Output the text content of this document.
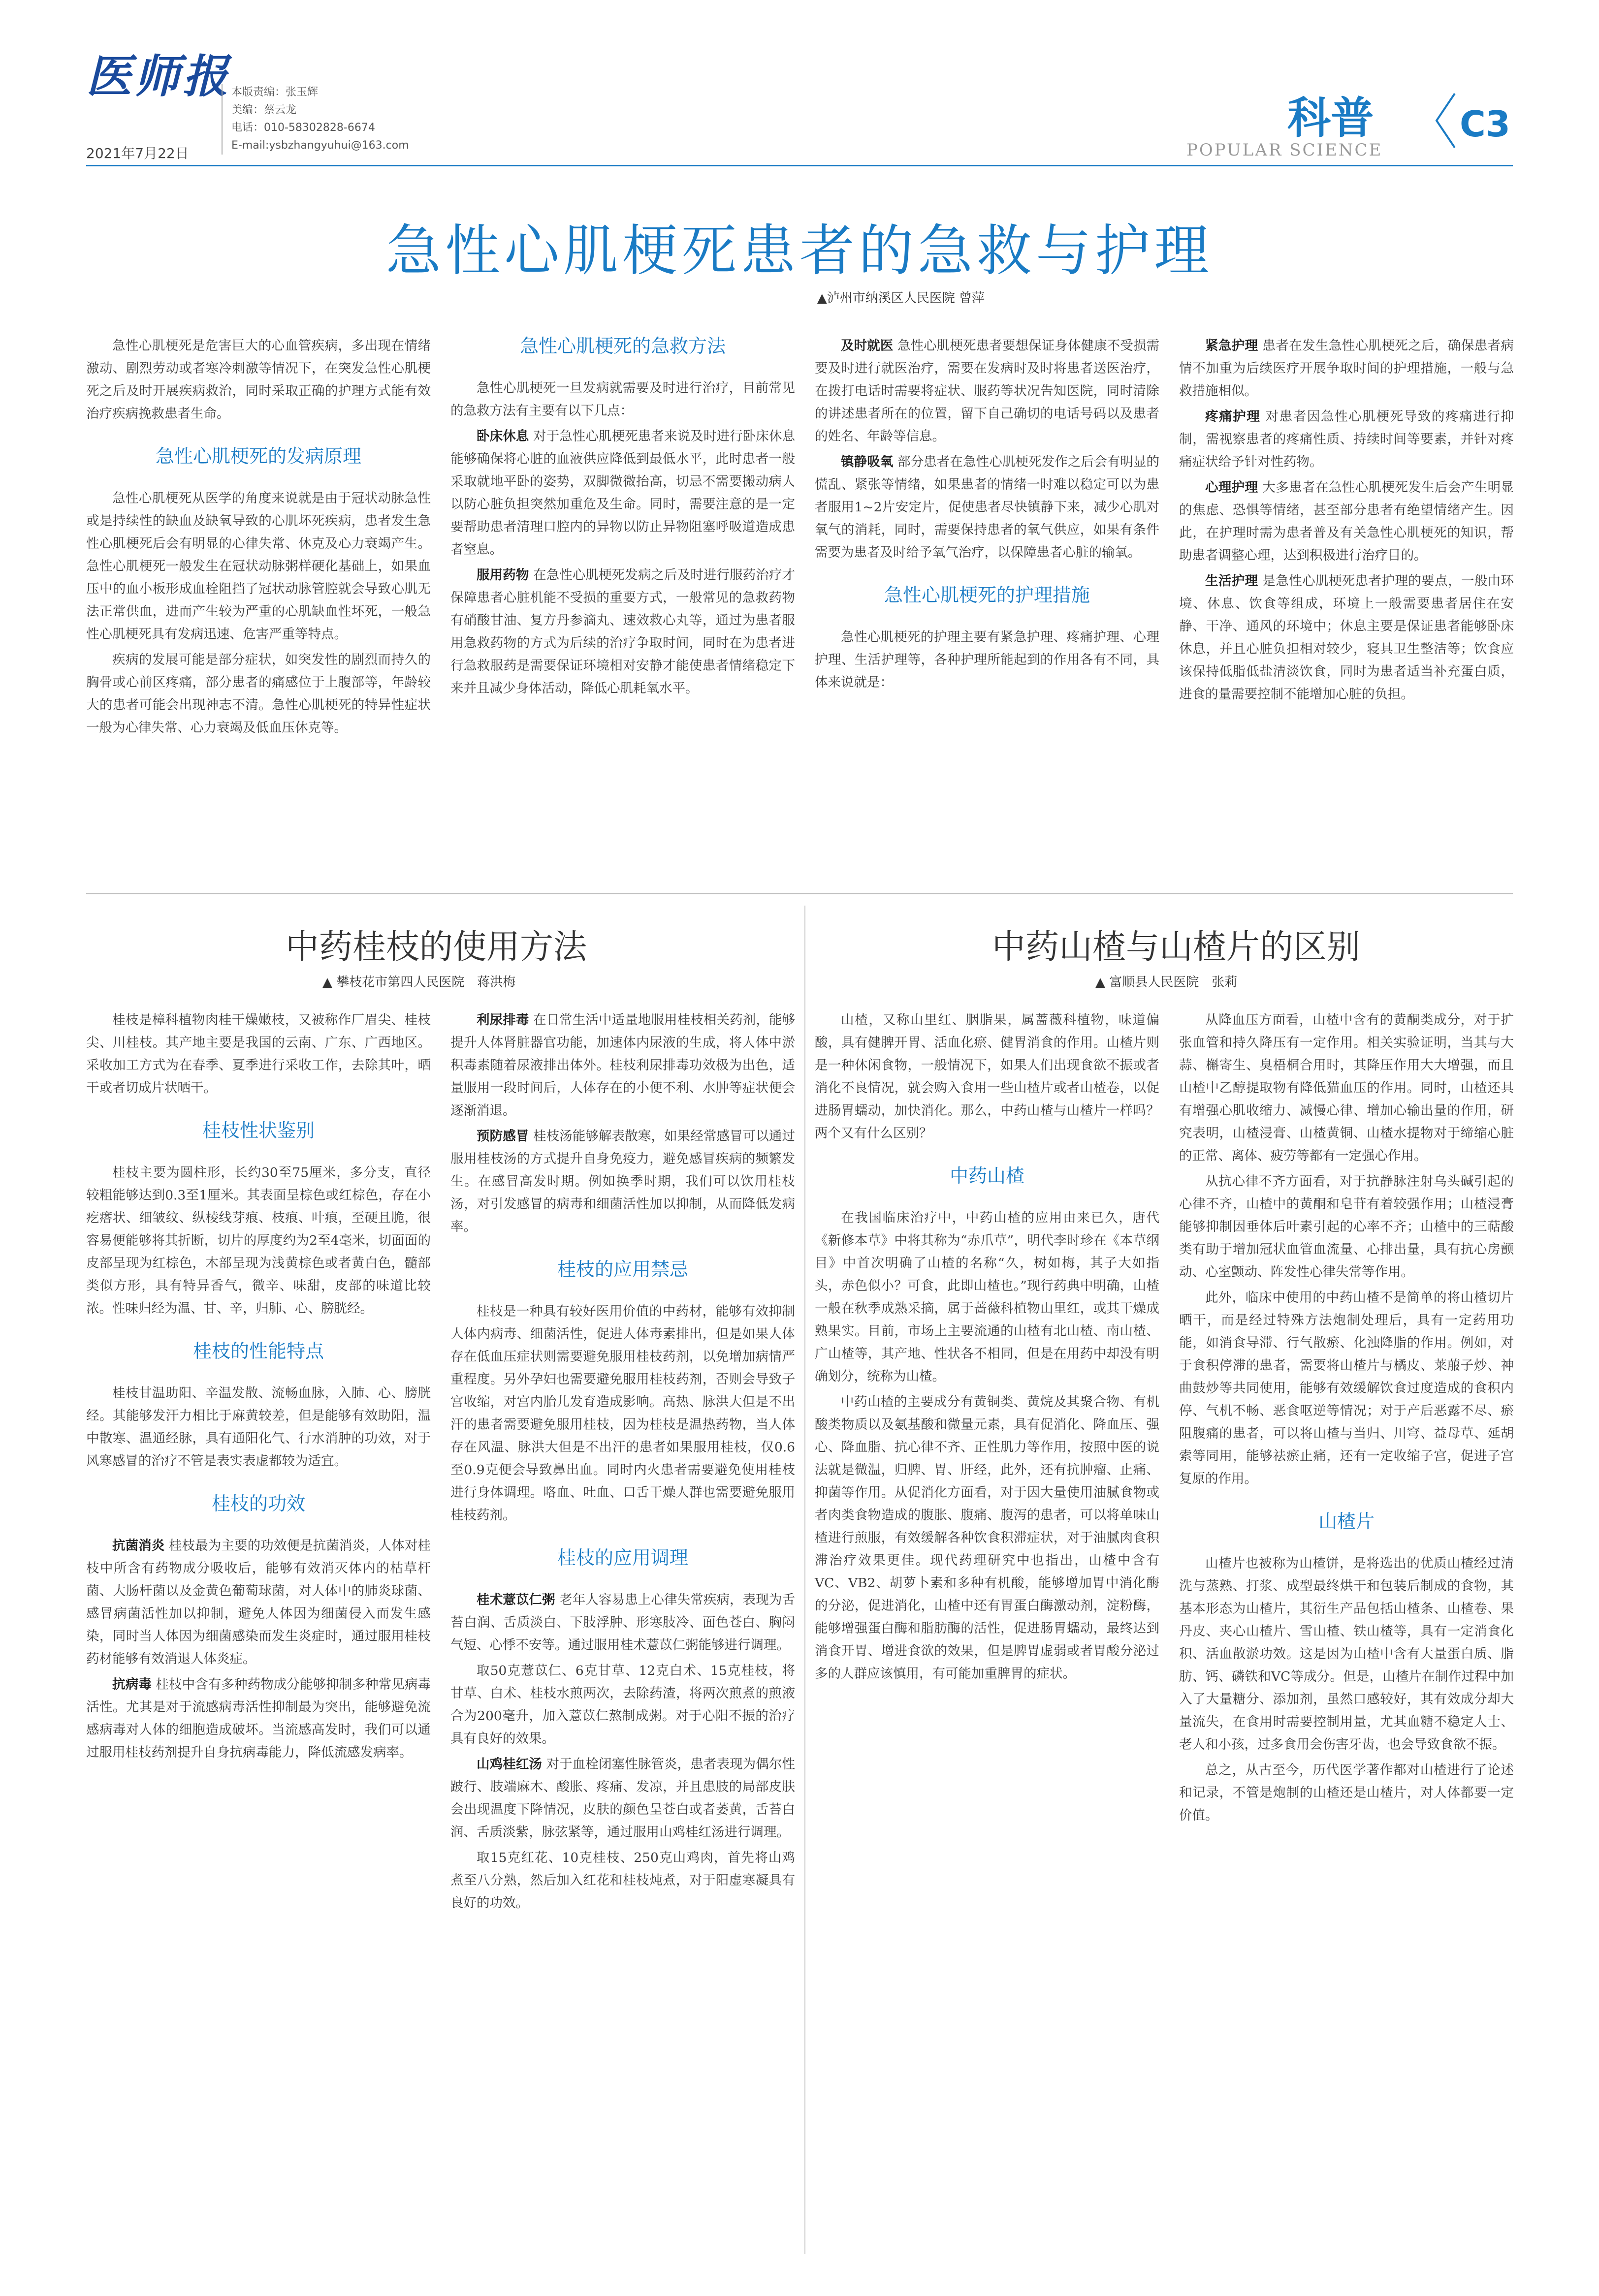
医师报
2021年7月22日
本版责编：张玉辉
美编：蔡云龙
电话：010-58302828-6674
E-mail:ysbzhangyuhui@163.com
科普
POPULAR SCIENCE
C3
急性心肌梗死患者的急救与护理
▲泸州市纳溪区人民医院 曾萍

急性心肌梗死是危害巨大的心血管疾病，多出现在情绪激动、剧烈劳动或者寒冷刺激等情况下，在突发急性心肌梗死之后及时开展疾病救治，同时采取正确的护理方式能有效治疗疾病挽救患者生命。

急性心肌梗死的发病原理

急性心肌梗死从医学的角度来说就是由于冠状动脉急性或是持续性的缺血及缺氧导致的心肌坏死疾病，患者发生急性心肌梗死后会有明显的心律失常、休克及心力衰竭产生。急性心肌梗死一般发生在冠状动脉粥样硬化基础上，如果血压中的血小板形成血栓阻挡了冠状动脉管腔就会导致心肌无法正常供血，进而产生较为严重的心肌缺血性坏死，一般急性心肌梗死具有发病迅速、危害严重等特点。

疾病的发展可能是部分症状，如突发性的剧烈而持久的胸骨或心前区疼痛，部分患者的痛感位于上腹部等，年龄较大的患者可能会出现神志不清。急性心肌梗死的特异性症状一般为心律失常、心力衰竭及低血压休克等。

急性心肌梗死的急救方法

急性心肌梗死一旦发病就需要及时进行治疗，目前常见的急救方法有主要有以下几点：

卧床休息 对于急性心肌梗死患者来说及时进行卧床休息能够确保将心脏的血液供应降低到最低水平，此时患者一般采取就地平卧的姿势，双脚微微抬高，切忌不需要搬动病人以防心脏负担突然加重危及生命。同时，需要注意的是一定要帮助患者清理口腔内的异物以防止异物阻塞呼吸道造成患者窒息。

服用药物 在急性心肌梗死发病之后及时进行服药治疗才保障患者心脏机能不受损的重要方式，一般常见的急救药物有硝酸甘油、复方丹参滴丸、速效救心丸等，通过为患者服用急救药物的方式为后续的治疗争取时间，同时在为患者进行急救服药是需要保证环境相对安静才能使患者情绪稳定下来并且减少身体活动，降低心肌耗氧水平。

及时就医 急性心肌梗死患者要想保证身体健康不受损需要及时进行就医治疗，需要在发病时及时将患者送医治疗，在拨打电话时需要将症状、服药等状况告知医院，同时清除的讲述患者所在的位置，留下自己确切的电话号码以及患者的姓名、年龄等信息。

镇静吸氧 部分患者在急性心肌梗死发作之后会有明显的慌乱、紧张等情绪，如果患者的情绪一时难以稳定可以为患者服用1~2片安定片，促使患者尽快镇静下来，减少心肌对氧气的消耗，同时，需要保持患者的氧气供应，如果有条件需要为患者及时给予氧气治疗，以保障患者心脏的输氧。

急性心肌梗死的护理措施

急性心肌梗死的护理主要有紧急护理、疼痛护理、心理护理、生活护理等，各种护理所能起到的作用各有不同，具体来说就是：

紧急护理 患者在发生急性心肌梗死之后，确保患者病情不加重为后续医疗开展争取时间的护理措施，一般与急救措施相似。

疼痛护理 对患者因急性心肌梗死导致的疼痛进行抑制，需视察患者的疼痛性质、持续时间等要素，并针对疼痛症状给予针对性药物。

心理护理 大多患者在急性心肌梗死发生后会产生明显的焦虑、恐惧等情绪，甚至部分患者有绝望情绪产生。因此，在护理时需为患者普及有关急性心肌梗死的知识，帮助患者调整心理，达到积极进行治疗目的。

生活护理 是急性心肌梗死患者护理的要点，一般由环境、休息、饮食等组成，环境上一般需要患者居住在安静、干净、通风的环境中；休息主要是保证患者能够卧床休息，并且心脏负担相对较少，寝具卫生整洁等；饮食应该保持低脂低盐清淡饮食，同时为患者适当补充蛋白质，进食的量需要控制不能增加心脏的负担。

中药桂枝的使用方法
▲ 攀枝花市第四人民医院　蒋洪梅

桂枝是樟科植物肉桂干燥嫩枝，又被称作厂眉尖、桂枝尖、川桂枝。其产地主要是我国的云南、广东、广西地区。采收加工方式为在春季、夏季进行采收工作，去除其叶，晒干或者切成片状晒干。

桂枝性状鉴别

桂枝主要为圆柱形，长约30至75厘米，多分支，直径较粗能够达到0.3至1厘米。其表面呈棕色或红棕色，存在小疙瘩状、细皱纹、纵棱线芽痕、枝痕、叶痕，至硬且脆，很容易便能够将其折断，切片的厚度约为2至4毫米，切面面的皮部呈现为红棕色，木部呈现为浅黄棕色或者黄白色，髓部类似方形，具有特异香气，微辛、味甜，皮部的味道比较浓。性味归经为温、甘、辛，归肺、心、膀胱经。

桂枝的性能特点

桂枝甘温助阳、辛温发散、流畅血脉，入肺、心、膀胱经。其能够发汗力相比于麻黄较差，但是能够有效助阳，温中散寒、温通经脉，具有通阳化气、行水消肿的功效，对于风寒感冒的治疗不管是表实表虚都较为适宜。

桂枝的功效

抗菌消炎 桂枝最为主要的功效便是抗菌消炎，人体对桂枝中所含有药物成分吸收后，能够有效消灭体内的枯草杆菌、大肠杆菌以及金黄色葡萄球菌，对人体中的肺炎球菌、感冒病菌活性加以抑制，避免人体因为细菌侵入而发生感染，同时当人体因为细菌感染而发生炎症时，通过服用桂枝药材能够有效消退人体炎症。

抗病毒 桂枝中含有多种药物成分能够抑制多种常见病毒活性。尤其是对于流感病毒活性抑制最为突出，能够避免流感病毒对人体的细胞造成破坏。当流感高发时，我们可以通过服用桂枝药剂提升自身抗病毒能力，降低流感发病率。

利尿排毒 在日常生活中适量地服用桂枝相关药剂，能够提升人体肾脏器官功能，加速体内尿液的生成，将人体中淤积毒素随着尿液排出体外。桂枝利尿排毒功效极为出色，适量服用一段时间后，人体存在的小便不利、水肿等症状便会逐渐消退。

预防感冒 桂枝汤能够解表散寒，如果经常感冒可以通过服用桂枝汤的方式提升自身免疫力，避免感冒疾病的频繁发生。在感冒高发时期。例如换季时期，我们可以饮用桂枝汤，对引发感冒的病毒和细菌活性加以抑制，从而降低发病率。

桂枝的应用禁忌

桂枝是一种具有较好医用价值的中药材，能够有效抑制人体内病毒、细菌活性，促进人体毒素排出，但是如果人体存在低血压症状则需要避免服用桂枝药剂，以免增加病情严重程度。另外孕妇也需要避免服用桂枝药剂，否则会导致子宫收缩，对宫内胎儿发育造成影响。高热、脉洪大但是不出汗的患者需要避免服用桂枝，因为桂枝是温热药物，当人体存在风温、脉洪大但是不出汗的患者如果服用桂枝，仅0.6至0.9克便会导致鼻出血。同时内火患者需要避免使用桂枝进行身体调理。咯血、吐血、口舌干燥人群也需要避免服用桂枝药剂。

桂枝的应用调理

桂术薏苡仁粥 老年人容易患上心律失常疾病，表现为舌苔白润、舌质淡白、下肢浮肿、形寒肢冷、面色苍白、胸闷气短、心悸不安等。通过服用桂术薏苡仁粥能够进行调理。

取50克薏苡仁、6克甘草、12克白术、15克桂枝，将甘草、白术、桂枝水煎两次，去除药渣，将两次煎煮的煎液合为200毫升，加入薏苡仁熬制成粥。对于心阳不振的治疗具有良好的效果。

山鸡桂红汤 对于血栓闭塞性脉管炎，患者表现为偶尔性跛行、肢端麻木、酸胀、疼痛、发凉，并且患肢的局部皮肤会出现温度下降情况，皮肤的颜色呈苍白或者萎黄，舌苔白润、舌质淡紫，脉弦紧等，通过服用山鸡桂红汤进行调理。

取15克红花、10克桂枝、250克山鸡肉，首先将山鸡煮至八分熟，然后加入红花和桂枝炖煮，对于阳虚寒凝具有良好的功效。

中药山楂与山楂片的区别
▲ 富顺县人民医院　张莉

山楂，又称山里红、胭脂果，属蔷薇科植物，味道偏酸，具有健脾开胃、活血化瘀、健胃消食的作用。山楂片则是一种休闲食物，一般情况下，如果人们出现食欲不振或者消化不良情况，就会购入食用一些山楂片或者山楂卷，以促进肠胃蠕动，加快消化。那么，中药山楂与山楂片一样吗？两个又有什么区别？

中药山楂

在我国临床治疗中，中药山楂的应用由来已久，唐代《新修本草》中将其称为“赤爪草”，明代李时珍在《本草纲目》中首次明确了山楂的名称“久，树如梅，其子大如指头，赤色似小？可食，此即山楂也。”现行药典中明确，山楂一般在秋季成熟采摘，属于蔷薇科植物山里红，或其干燥成熟果实。目前，市场上主要流通的山楂有北山楂、南山楂、广山楂等，其产地、性状各不相同，但是在用药中却没有明确划分，统称为山楂。

中药山楂的主要成分有黄铜类、黄烷及其聚合物、有机酸类物质以及氨基酸和微量元素，具有促消化、降血压、强心、降血脂、抗心律不齐、正性肌力等作用，按照中医的说法就是微温，归脾、胃、肝经，此外，还有抗肿瘤、止痛、抑菌等作用。从促消化方面看，对于因大量使用油腻食物或者肉类食物造成的腹胀、腹痛、腹泻的患者，可以将单味山楂进行煎服，有效缓解各种饮食积滞症状，对于油腻肉食积滞治疗效果更佳。现代药理研究中也指出，山楂中含有VC、VB2、胡萝卜素和多种有机酸，能够增加胃中消化酶的分泌，促进消化，山楂中还有胃蛋白酶激动剂，淀粉酶，能够增强蛋白酶和脂肪酶的活性，促进肠胃蠕动，最终达到消食开胃、增进食欲的效果，但是脾胃虚弱或者胃酸分泌过多的人群应该慎用，有可能加重脾胃的症状。

从降血压方面看，山楂中含有的黄酮类成分，对于扩张血管和持久降压有一定作用。相关实验证明，当其与大蒜、槲寄生、臭梧桐合用时，其降压作用大大增强，而且山楂中乙醇提取物有降低猫血压的作用。同时，山楂还具有增强心肌收缩力、减慢心律、增加心输出量的作用，研究表明，山楂浸膏、山楂黄铜、山楂水提物对于缔缩心脏的正常、离体、疲劳等都有一定强心作用。

从抗心律不齐方面看，对于抗静脉注射乌头碱引起的心律不齐，山楂中的黄酮和皂苷有着较强作用；山楂浸膏能够抑制因垂体后叶素引起的心率不齐；山楂中的三萜酸类有助于增加冠状血管血流量、心排出量，具有抗心房颤动、心室颤动、阵发性心律失常等作用。

此外，临床中使用的中药山楂不是简单的将山楂切片晒干，而是经过特殊方法炮制处理后，具有一定药用功能，如消食导滞、行气散瘀、化浊降脂的作用。例如，对于食积停滞的患者，需要将山楂片与橘皮、莱菔子炒、神曲鼓炒等共同使用，能够有效缓解饮食过度造成的食积内停、气机不畅、恶食呕逆等情况；对于产后恶露不尽、瘀阻腹痛的患者，可以将山楂与当归、川穹、益母草、延胡索等同用，能够祛瘀止痛，还有一定收缩子宫，促进子宫复原的作用。

山楂片

山楂片也被称为山楂饼，是将选出的优质山楂经过清洗与蒸熟、打浆、成型最终烘干和包装后制成的食物，其基本形态为山楂片，其衍生产品包括山楂条、山楂卷、果丹皮、夹心山楂片、雪山楂、铁山楂等，具有一定消食化积、活血散淤功效。这是因为山楂中含有大量蛋白质、脂肪、钙、磷铁和VC等成分。但是，山楂片在制作过程中加入了大量糖分、添加剂，虽然口感较好，其有效成分却大量流失，在食用时需要控制用量，尤其血糖不稳定人士、老人和小孩，过多食用会伤害牙齿，也会导致食欲不振。

总之，从古至今，历代医学著作都对山楂进行了论述和记录，不管是炮制的山楂还是山楂片，对人体都要一定价值。
